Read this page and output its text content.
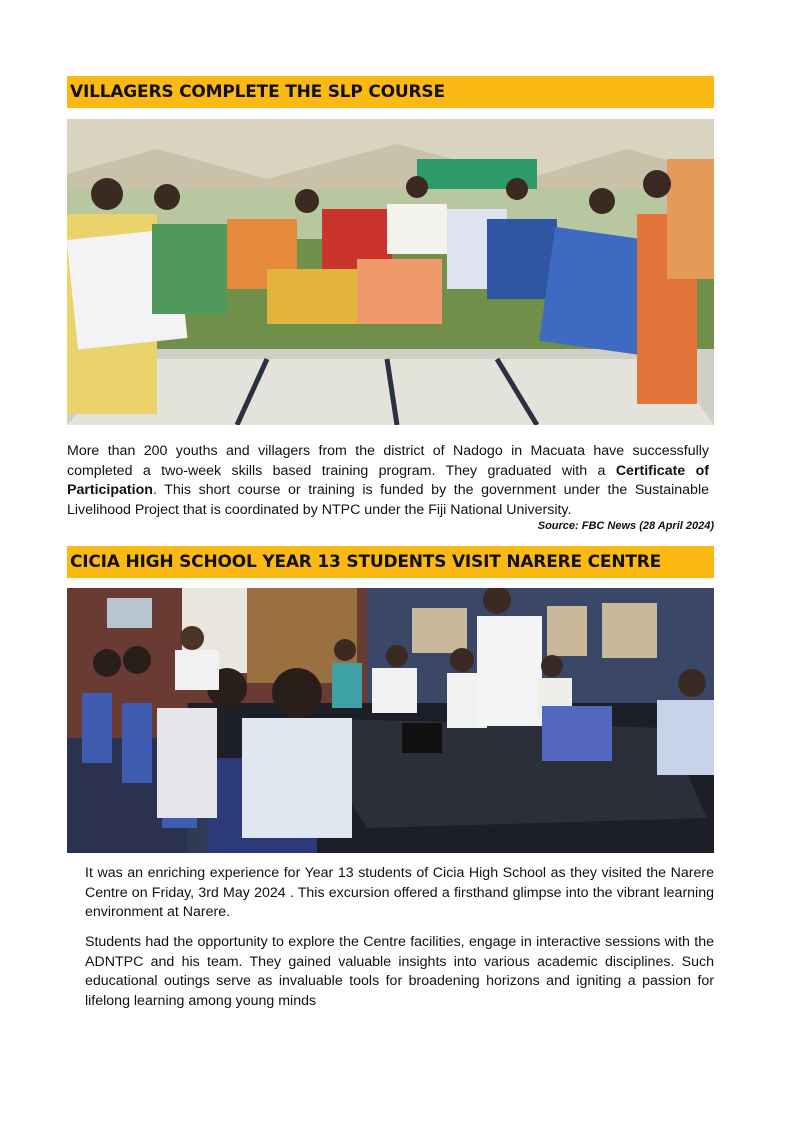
VILLAGERS COMPLETE THE SLP COURSE

More than 200 youths and villagers from the district of Nadogo in Macuata have successfully completed a two-week skills based training program. They graduated with a Certificate of Participation. This short course or training is funded by the government under the Sustainable Livelihood Project that is coordinated by NTPC under the Fiji National University.

Source: FBC News (28 April 2024)
CICIA HIGH SCHOOL YEAR 13 STUDENTS VISIT NARERE CENTRE

It was an enriching experience for Year 13 students of Cicia High School as they visited the Narere Centre on Friday, 3rd May 2024 . This excursion offered a firsthand glimpse into the vibrant learning environment at Narere.

Students had the opportunity to explore the Centre facilities, engage in interactive sessions with the ADNTPC and his team. They gained valuable insights into various academic disciplines. Such educational outings serve as invaluable tools for broadening horizons and igniting a passion for lifelong learning among young minds
